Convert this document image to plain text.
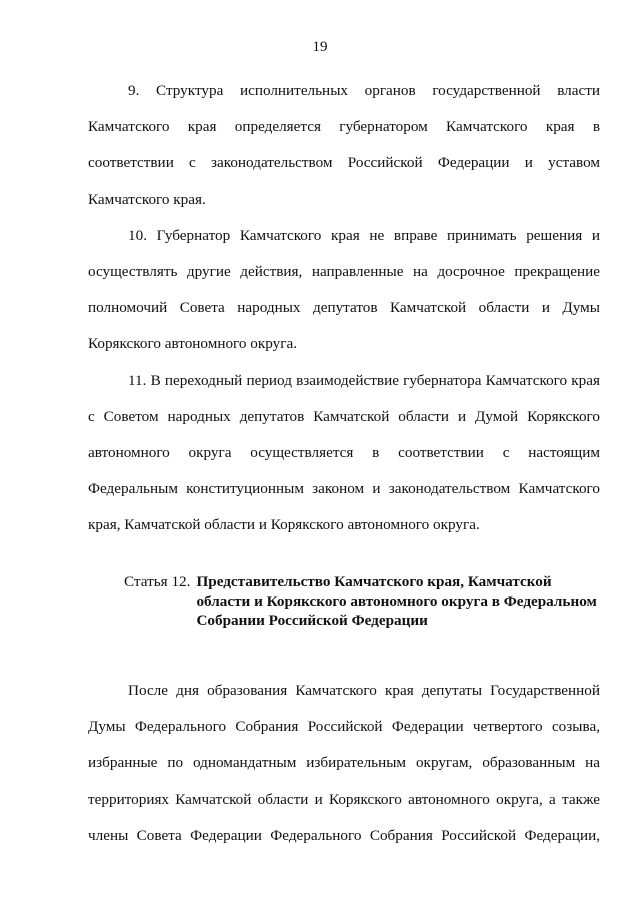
19

9. Структура исполнительных органов государственной власти Камчатского края определяется губернатором Камчатского края в соответствии с законодательством Российской Федерации и уставом Камчатского края.

10. Губернатор Камчатского края не вправе принимать решения и осуществлять другие действия, направленные на досрочное прекращение полномочий Совета народных депутатов Камчатской области и Думы Корякского автономного округа.

11. В переходный период взаимодействие губернатора Камчатского края с Советом народных депутатов Камчатской области и Думой Корякского автономного округа осуществляется в соответствии с настоящим Федеральным конституционным законом и законодательством Камчатского края, Камчатской области и Корякского автономного округа.

Статья 12. Представительство Камчатского края, Камчатской области и Корякского автономного округа в Федеральном Собрании Российской Федерации

После дня образования Камчатского края депутаты Государственной Думы Федерального Собрания Российской Федерации четвертого созыва, избранные по одномандатным избирательным округам, образованным на территориях Камчатской области и Корякского автономного округа, а также члены Совета Федерации Федерального Собрания Российской Федерации,
